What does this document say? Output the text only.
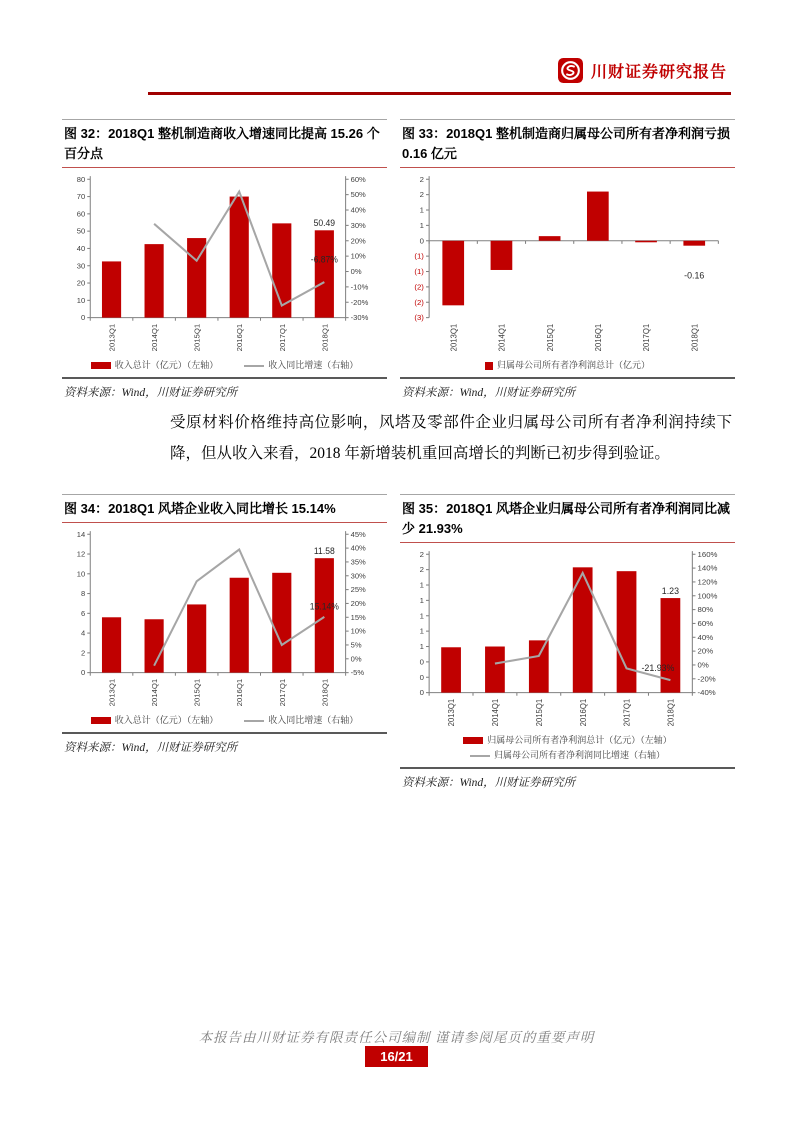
川财证券研究报告
图 32：2018Q1 整机制造商收入增速同比提高 15.26 个百分点
80
70
60
50
40
30
20
10
0
60%
50%
40%
30%
20%
10%
0%
-10%
-20%
-30%
2013Q1	2014Q1	2015Q1	2016Q1	2017Q1	2018Q1
50.49
-6.87%
收入总计（亿元）（左轴）	收入同比增速（右轴）
资料来源：Wind，川财证券研究所
图 33：2018Q1 整机制造商归属母公司所有者净利润亏损 0.16 亿元
2
2
1
1
0
(1)
(1)
(2)
(2)
(3)
2013Q1	2014Q1	2015Q1	2016Q1	2017Q1	2018Q1
-0.16
归属母公司所有者净利润总计（亿元）
资料来源：Wind，川财证券研究所
受原材料价格维持高位影响，风塔及零部件企业归属母公司所有者净利润持续下降，但从收入来看，2018 年新增装机重回高增长的判断已初步得到验证。
图 34：2018Q1 风塔企业收入同比增长 15.14%
14
12
10
8
6
4
2
0
45%
40%
35%
30%
25%
20%
15%
10%
5%
0%
-5%
2013Q1	2014Q1	2015Q1	2016Q1	2017Q1	2018Q1
11.58
15.14%
收入总计（亿元）（左轴）	收入同比增速（右轴）
资料来源：Wind，川财证券研究所
图 35：2018Q1 风塔企业归属母公司所有者净利润同比减少 21.93%
2
2
1
1
1
1
1
0
0
0
160%
140%
120%
100%
80%
60%
40%
20%
0%
-20%
-40%
2013Q1	2014Q1	2015Q1	2016Q1	2017Q1	2018Q1
1.23
-21.93%
归属母公司所有者净利润总计（亿元）（左轴）
归属母公司所有者净利润同比增速（右轴）
资料来源：Wind，川财证券研究所
本报告由川财证券有限责任公司编制 谨请参阅尾页的重要声明
16/21
